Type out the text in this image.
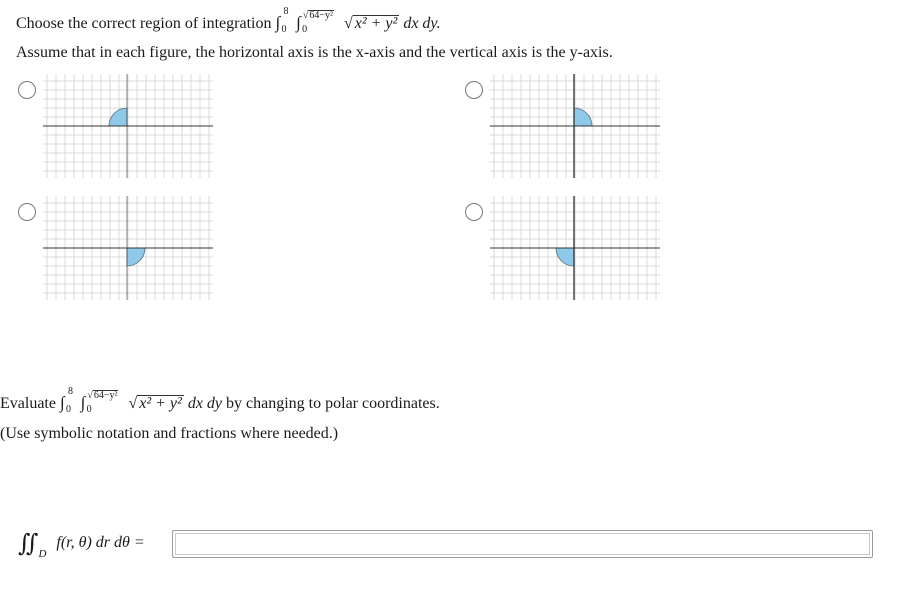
Choose the correct region of integration ∫
8
0 ∫ 0
√64−y² √ x² + y² dx dy.
Assume that in each figure, the horizontal axis is the x-axis and the vertical axis is the y-axis.
Evaluate ∫
8
0 ∫ 0
√64−y² √ x² + y² dx dy by changing to polar coordinates.
(Use symbolic notation and fractions where needed.)
$∬_D$ f(r, θ) dr dθ =
